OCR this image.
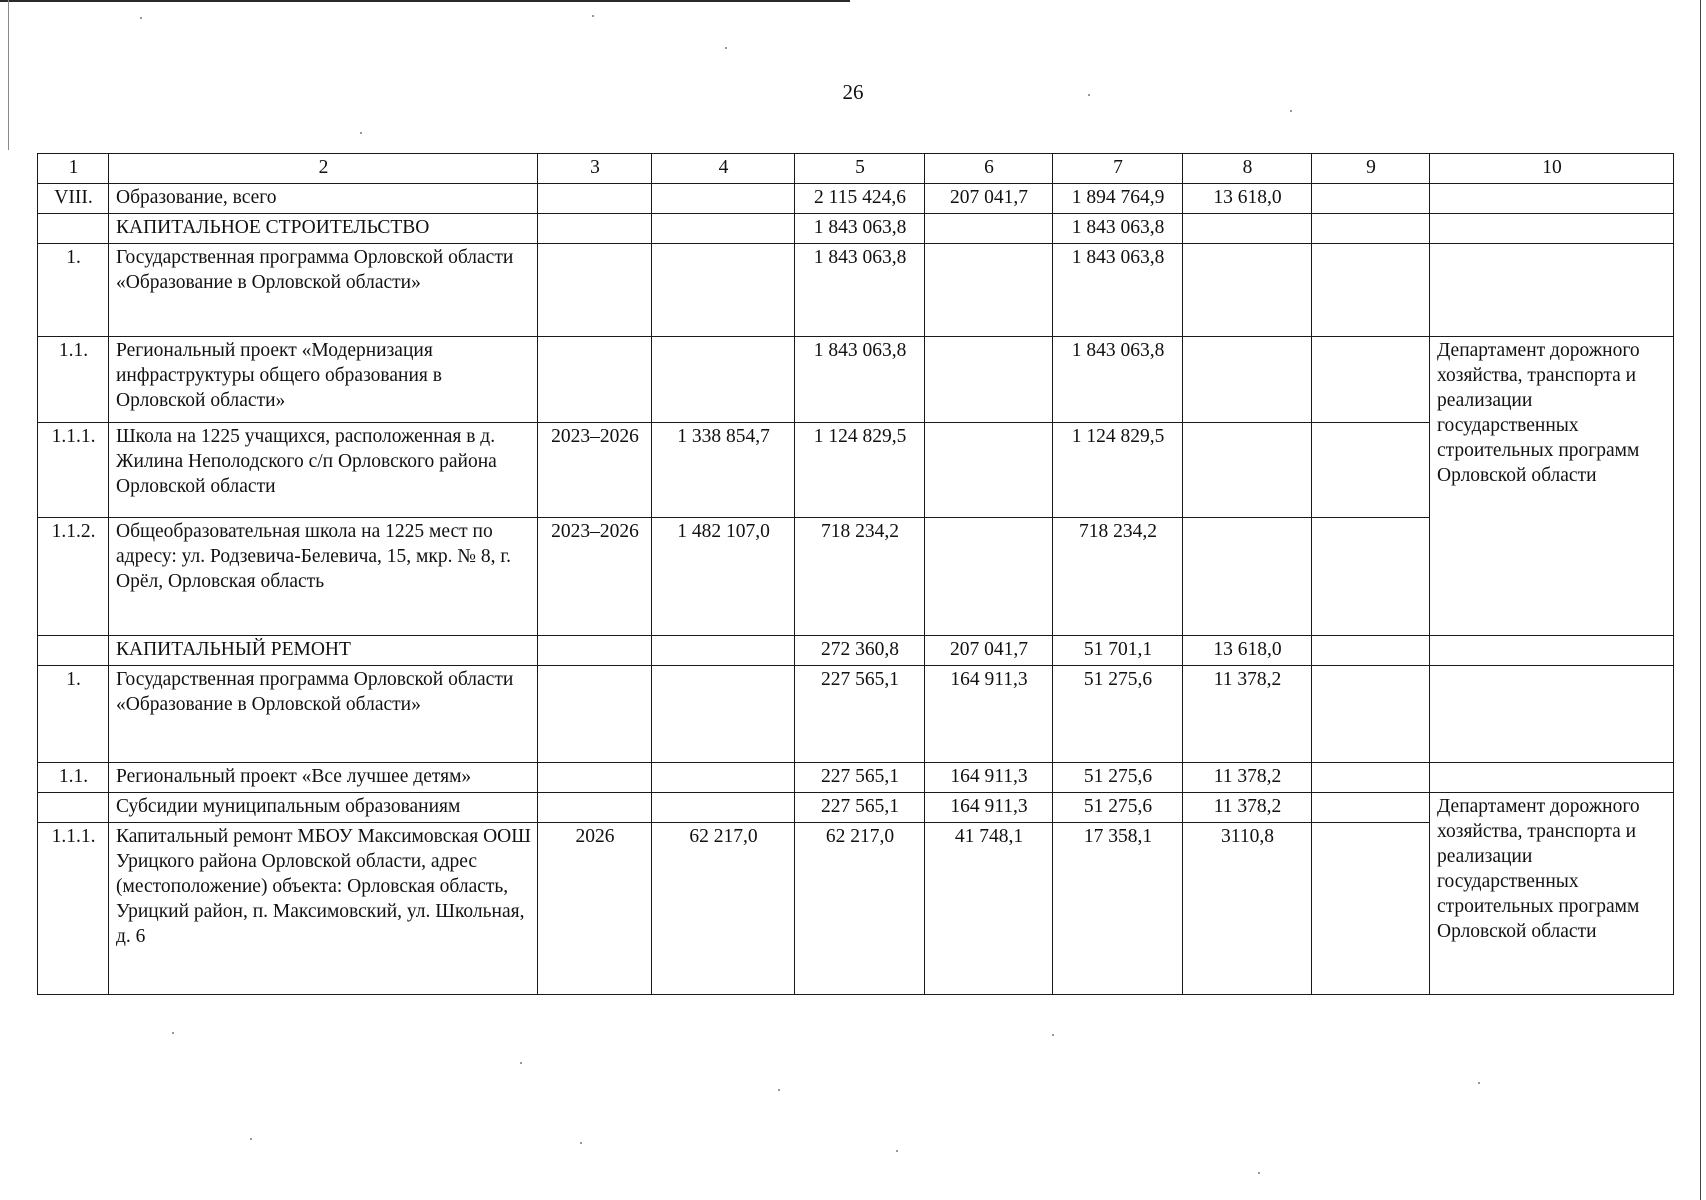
26
1	2	3	4	5	6	7	8	9	10
VIII.	Образование, всего			2 115 424,6	207 041,7	1 894 764,9	13 618,0		
	КАПИТАЛЬНОЕ СТРОИТЕЛЬСТВО			1 843 063,8		1 843 063,8			
1.	Государственная программа Орловской области «Образование в Орловской области»			1 843 063,8		1 843 063,8			
1.1.	Региональный проект «Модернизация инфраструктуры общего образования в Орловской области»			1 843 063,8		1 843 063,8			Департамент дорожного хозяйства, транспорта и реализации государственных строительных программ Орловской области
1.1.1.	Школа на 1225 учащихся, расположенная в д. Жилина Неполодского с/п Орловского района Орловской области	2023–2026	1 338 854,7	1 124 829,5		1 124 829,5			
1.1.2.	Общеобразовательная школа на 1225 мест по адресу: ул. Родзевича-Белевича, 15, мкр. № 8, г. Орёл, Орловская область	2023–2026	1 482 107,0	718 234,2		718 234,2			
	КАПИТАЛЬНЫЙ РЕМОНТ			272 360,8	207 041,7	51 701,1	13 618,0		
1.	Государственная программа Орловской области «Образование в Орловской области»			227 565,1	164 911,3	51 275,6	11 378,2		
1.1.	Региональный проект «Все лучшее детям»			227 565,1	164 911,3	51 275,6	11 378,2		
	Субсидии муниципальным образованиям			227 565,1	164 911,3	51 275,6	11 378,2		Департамент дорожного хозяйства, транспорта и реализации государственных строительных программ Орловской области
1.1.1.	Капитальный ремонт МБОУ Максимовская ООШ Урицкого района Орловской области, адрес (местоположение) объекта: Орловская область, Урицкий район, п. Максимовский, ул. Школьная, д. 6	2026	62 217,0	62 217,0	41 748,1	17 358,1	3110,8		
